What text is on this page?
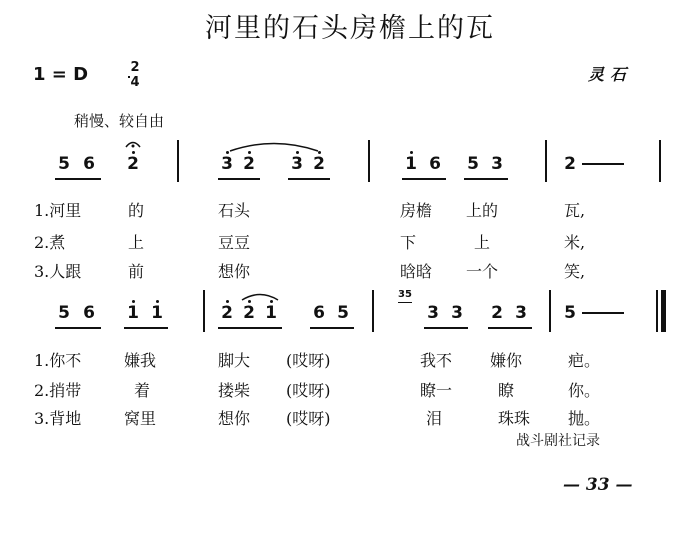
河里的石头房檐上的瓦
1 = D	2
4	灵石
稍慢、较自由
5 6 2	3 2 3 2	1 6 5 3	2
1.河里	的	石头	房檐 上的	瓦,
2.煮	上	豆豆	下	上	米,
3.人跟	前	想你	晗晗 一个	笑,
5 6 1 1	2 2 1 6 5
35
3 3 2 3 5
1.你不	嫌我	脚大 (哎呀)	我不 嫌你	疤。
2.捎带	着	搂柴 (哎呀)	瞭一	瞭	你。
3.背地	窝里	想你 (哎呀)	泪	珠珠 抛。
战斗剧社记录
— 33 —
